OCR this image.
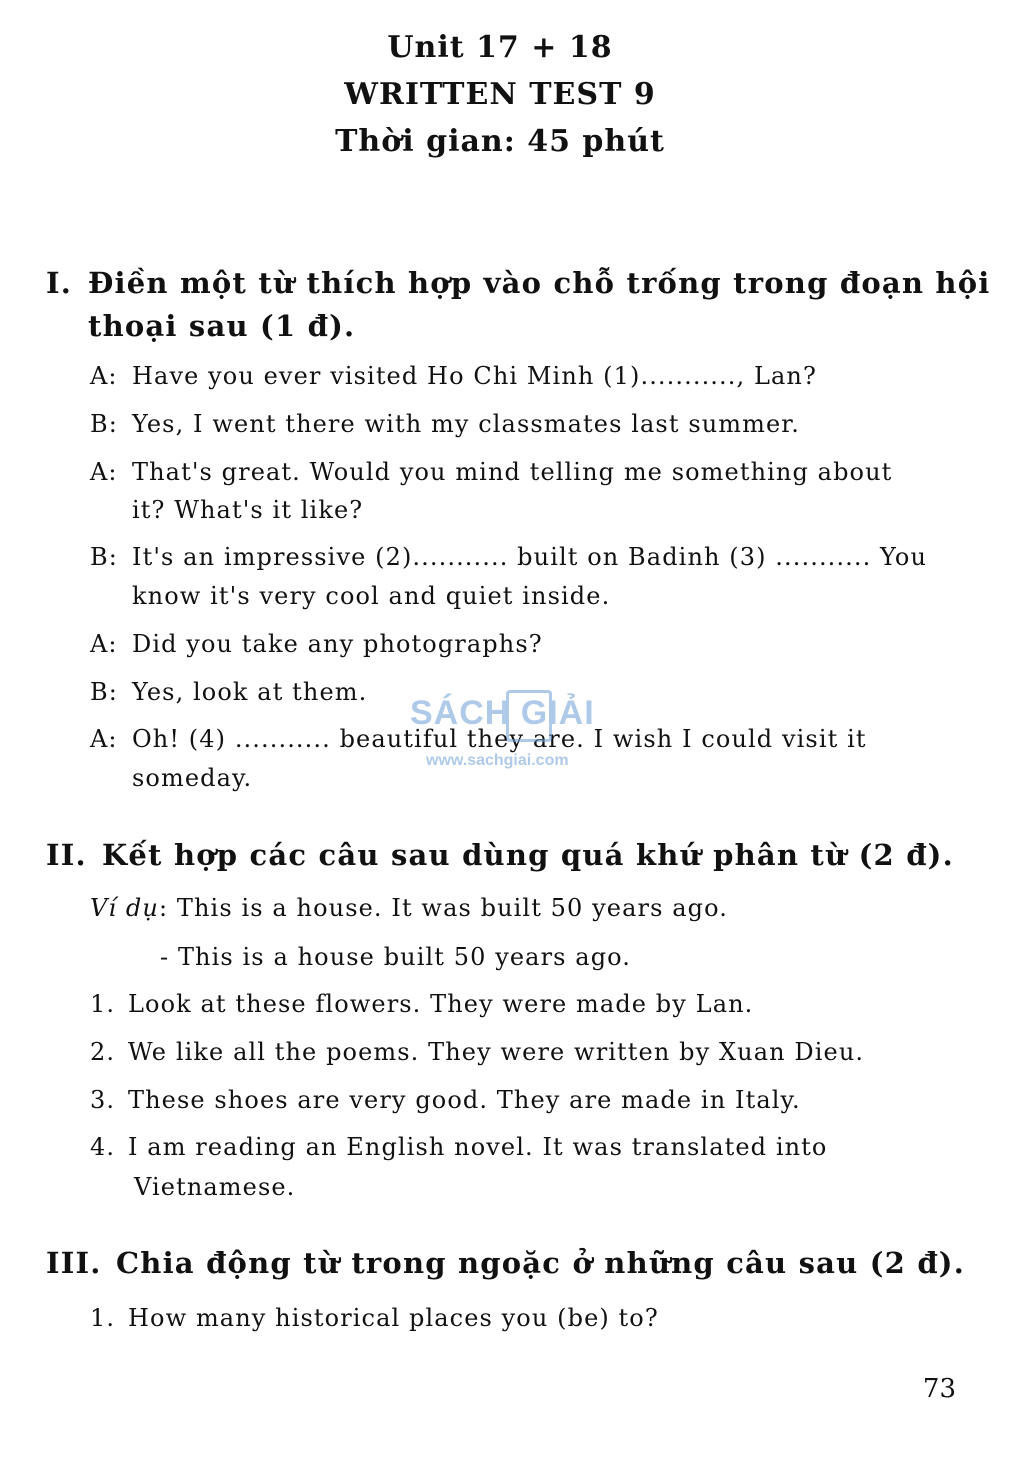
Unit 17 + 18
WRITTEN TEST 9
Thời gian: 45 phút
I. Điền một từ thích hợp vào chỗ trống trong đoạn hội
thoại sau (1 đ).
A: Have you ever visited Ho Chi Minh (1)..........., Lan?
B: Yes, I went there with my classmates last summer.
A: That's great. Would you mind telling me something about
it? What's it like?
B: It's an impressive (2)........... built on Badinh (3) ........... You
know it's very cool and quiet inside.
A: Did you take any photographs?
B: Yes, look at them.
A: Oh! (4) ........... beautiful they are. I wish I could visit it
someday.
II. Kết hợp các câu sau dùng quá khứ phân từ (2 đ).
Ví dụ: This is a house. It was built 50 years ago.
- This is a house built 50 years ago.
1. Look at these flowers. They were made by Lan.
2. We like all the poems. They were written by Xuan Dieu.
3. These shoes are very good. They are made in Italy.
4. I am reading an English novel. It was translated into
Vietnamese.
III. Chia động từ trong ngoặc ở những câu sau (2 đ).
1. How many historical places you (be) to?
SÁCH GIẢI
www.sachgiai.com
73
